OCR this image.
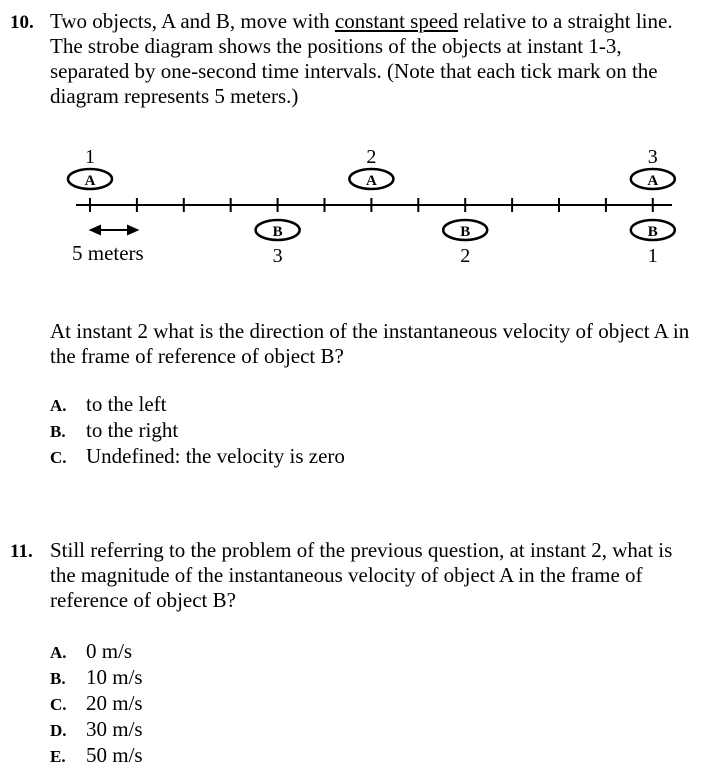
10. Two objects, A and B, move with constant speed relative to a straight line. The strobe diagram shows the positions of the objects at instant 1-3, separated by one-second time intervals. (Note that each tick mark on the diagram represents 5 meters.)
5 meters
A
1
A
2
A
3
B
1
B
2
B
3
At instant 2 what is the direction of the instantaneous velocity of object A in the frame of reference of object B?
A. to the left
B. to the right
C. Undefined: the velocity is zero
11. Still referring to the problem of the previous question, at instant 2, what is the magnitude of the instantaneous velocity of object A in the frame of reference of object B?
A. 0 m/s
B. 10 m/s
C. 20 m/s
D. 30 m/s
E. 50 m/s
